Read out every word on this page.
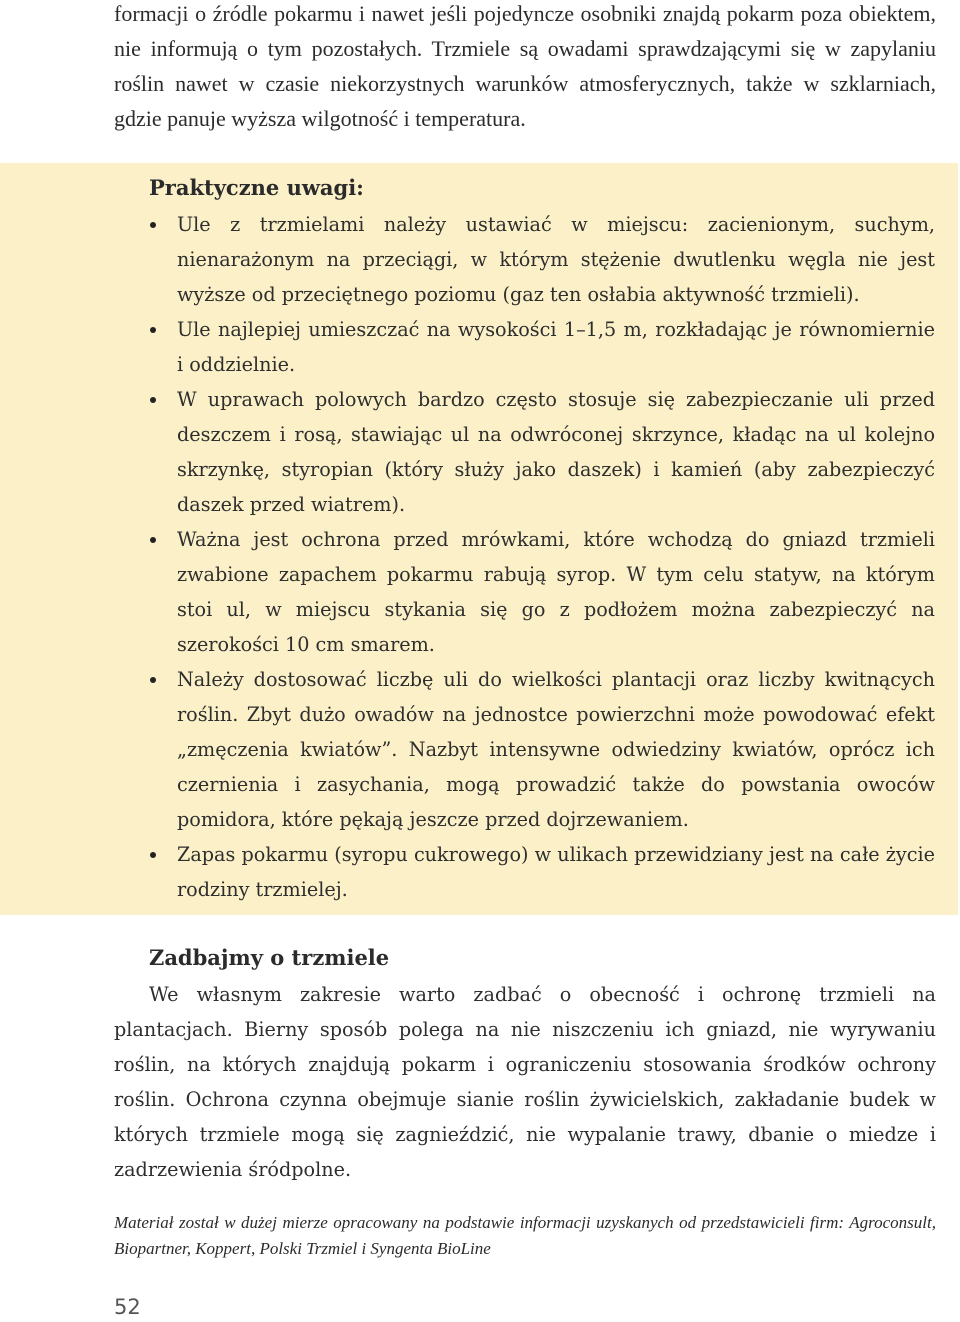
formacji o źródle pokarmu i nawet jeśli pojedyncze osobniki znajdą pokarm poza obiektem, nie informują o tym pozostałych. Trzmiele są owadami sprawdzającymi się w zapylaniu roślin nawet w czasie niekorzystnych warunków atmosferycznych, także w szklarniach, gdzie panuje wyższa wilgotność i temperatura.

Praktyczne uwagi:
Ule z trzmielami należy ustawiać w miejscu: zacienionym, suchym, nienarażonym na przeciągi, w którym stężenie dwutlenku węgla nie jest wyższe od przeciętnego poziomu (gaz ten osłabia aktywność trzmieli).
Ule najlepiej umieszczać na wysokości 1–1,5 m, rozkładając je równomiernie i oddzielnie.
W uprawach polowych bardzo często stosuje się zabezpieczanie uli przed deszczem i rosą, stawiając ul na odwróconej skrzynce, kładąc na ul kolejno skrzynkę, styropian (który służy jako daszek) i kamień (aby zabezpieczyć daszek przed wiatrem).
Ważna jest ochrona przed mrówkami, które wchodzą do gniazd trzmieli zwabione zapachem pokarmu rabują syrop. W tym celu statyw, na którym stoi ul, w miejscu stykania się go z podłożem można zabezpieczyć na szerokości 10 cm smarem.
Należy dostosować liczbę uli do wielkości plantacji oraz liczby kwitnących roślin. Zbyt dużo owadów na jednostce powierzchni może powodować efekt „zmęczenia kwiatów”. Nazbyt intensywne odwiedziny kwiatów, oprócz ich czernienia i zasychania, mogą prowadzić także do powstania owoców pomidora, które pękają jeszcze przed dojrzewaniem.
Zapas pokarmu (syropu cukrowego) w ulikach przewidziany jest na całe życie rodziny trzmielej.
Zadbajmy o trzmiele

We własnym zakresie warto zadbać o obecność i ochronę trzmieli na plantacjach. Bierny sposób polega na nie niszczeniu ich gniazd, nie wyrywaniu roślin, na których znajdują pokarm i ograniczeniu stosowania środków ochrony roślin. Ochrona czynna obejmuje sianie roślin żywicielskich, zakładanie budek w których trzmiele mogą się zagnieździć, nie wypalanie trawy, dbanie o miedze i zadrzewienia śródpolne.

Materiał został w dużej mierze opracowany na podstawie informacji uzyskanych od przedstawicieli firm: Agroconsult, Biopartner, Koppert, Polski Trzmiel i Syngenta BioLine

52
